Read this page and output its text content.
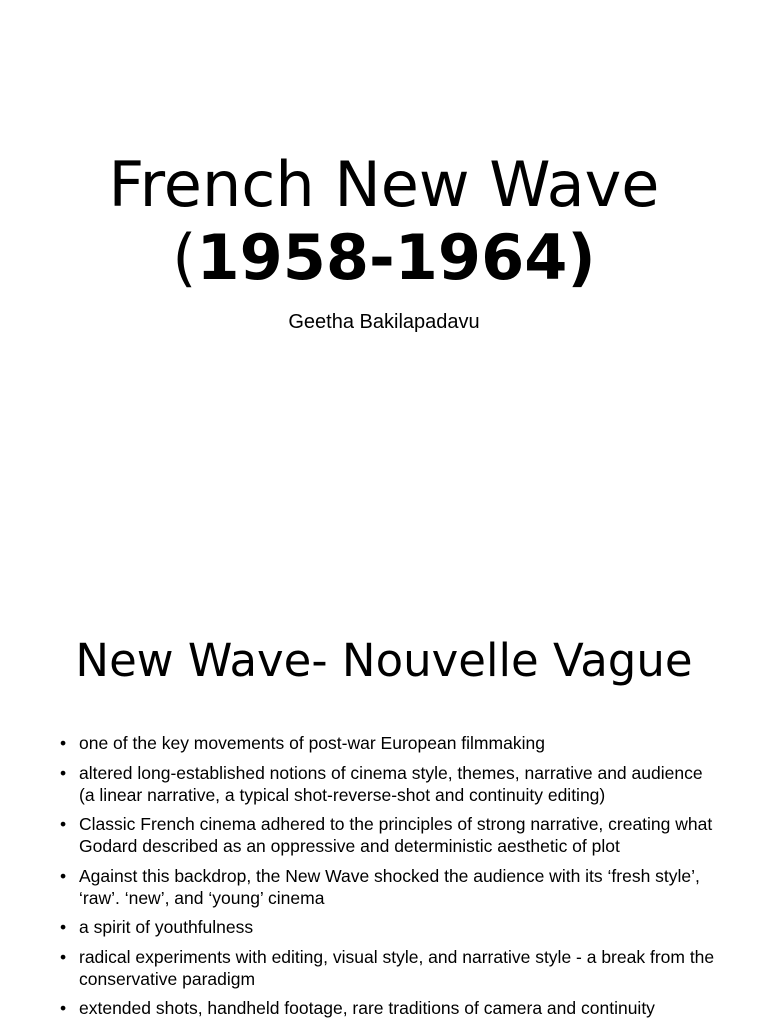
French New Wave
(1958-1964)

Geetha Bakilapadavu

New Wave- Nouvelle Vague
• one of the key movements of post-war European filmmaking
• altered long-established notions of cinema style, themes, narrative and audience (a linear narrative, a typical shot-reverse-shot and continuity editing)
• Classic French cinema adhered to the principles of strong narrative, creating what Godard described as an oppressive and deterministic aesthetic of plot
• Against this backdrop, the New Wave shocked the audience with its ‘fresh style’, ‘raw’. ‘new’, and ‘young’ cinema
• a spirit of youthfulness
• radical experiments with editing, visual style, and narrative style - a break from the conservative paradigm
• extended shots, handheld footage, rare traditions of camera and continuity
